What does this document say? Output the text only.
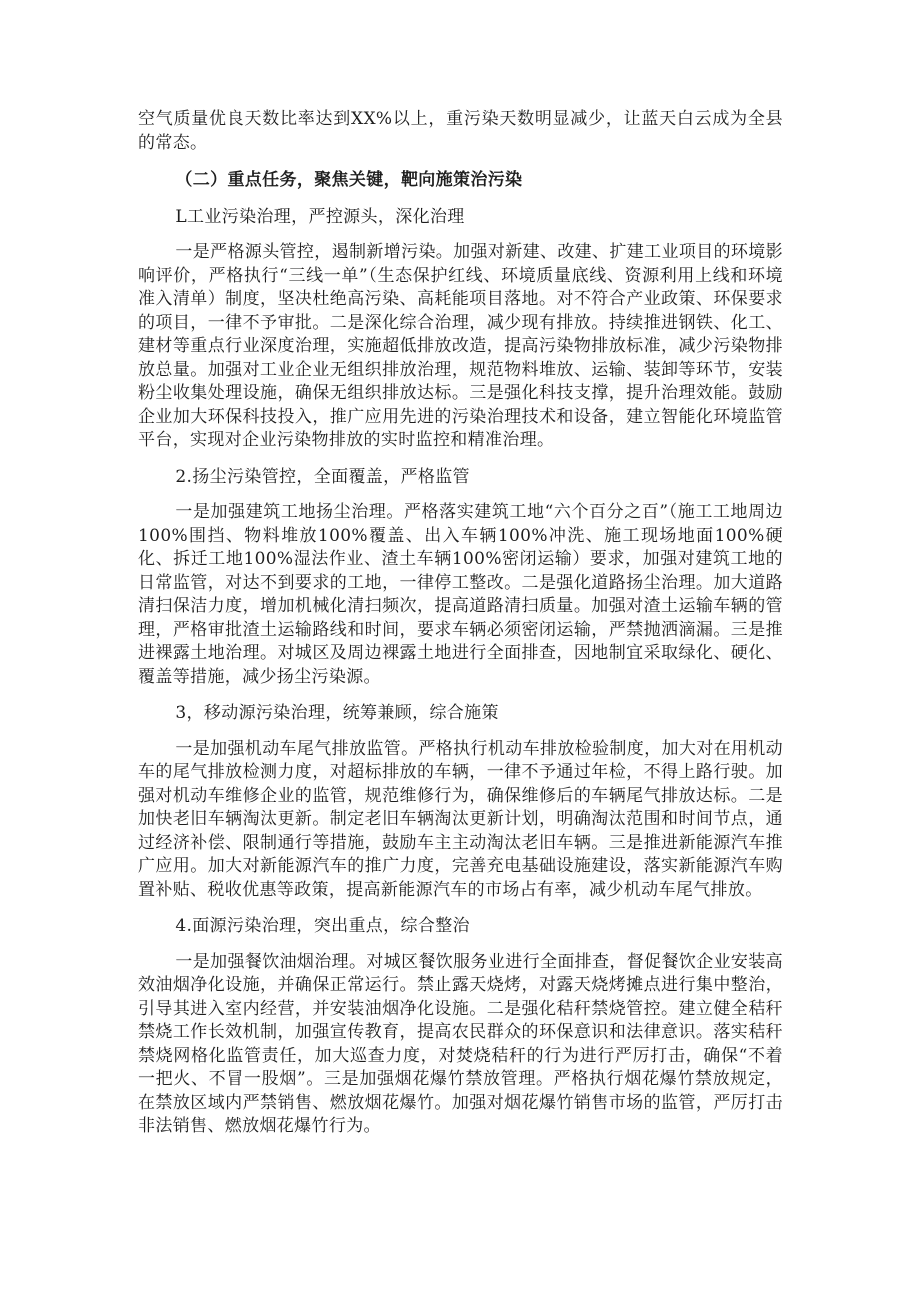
空气质量优良天数比率达到XX%以上，重污染天数明显减少，让蓝天白云成为全县的常态。

（二）重点任务，聚焦关键，靶向施策治污染

L工业污染治理，严控源头，深化治理

一是严格源头管控，遏制新增污染。加强对新建、改建、扩建工业项目的环境影响评价，严格执行“三线一单”（生态保护红线、环境质量底线、资源利用上线和环境准入清单）制度，坚决杜绝高污染、高耗能项目落地。对不符合产业政策、环保要求的项目，一律不予审批。二是深化综合治理，减少现有排放。持续推进钢铁、化工、建材等重点行业深度治理，实施超低排放改造，提高污染物排放标准，减少污染物排放总量。加强对工业企业无组织排放治理，规范物料堆放、运输、装卸等环节，安装粉尘收集处理设施，确保无组织排放达标。三是强化科技支撑，提升治理效能。鼓励企业加大环保科技投入，推广应用先进的污染治理技术和设备，建立智能化环境监管平台，实现对企业污染物排放的实时监控和精准治理。

2.扬尘污染管控，全面覆盖，严格监管

一是加强建筑工地扬尘治理。严格落实建筑工地“六个百分之百”（施工工地周边100%围挡、物料堆放100%覆盖、出入车辆100%冲洗、施工现场地面100%硬化、拆迁工地100%湿法作业、渣土车辆100%密闭运输）要求，加强对建筑工地的日常监管，对达不到要求的工地，一律停工整改。二是强化道路扬尘治理。加大道路清扫保洁力度，增加机械化清扫频次，提高道路清扫质量。加强对渣土运输车辆的管理，严格审批渣土运输路线和时间，要求车辆必须密闭运输，严禁抛洒滴漏。三是推进裸露土地治理。对城区及周边裸露土地进行全面排查，因地制宜采取绿化、硬化、覆盖等措施，减少扬尘污染源。

3，移动源污染治理，统筹兼顾，综合施策

一是加强机动车尾气排放监管。严格执行机动车排放检验制度，加大对在用机动车的尾气排放检测力度，对超标排放的车辆，一律不予通过年检，不得上路行驶。加强对机动车维修企业的监管，规范维修行为，确保维修后的车辆尾气排放达标。二是加快老旧车辆淘汰更新。制定老旧车辆淘汰更新计划，明确淘汰范围和时间节点，通过经济补偿、限制通行等措施，鼓励车主主动淘汰老旧车辆。三是推进新能源汽车推广应用。加大对新能源汽车的推广力度，完善充电基础设施建设，落实新能源汽车购置补贴、税收优惠等政策，提高新能源汽车的市场占有率，减少机动车尾气排放。

4.面源污染治理，突出重点，综合整治

一是加强餐饮油烟治理。对城区餐饮服务业进行全面排查，督促餐饮企业安装高效油烟净化设施，并确保正常运行。禁止露天烧烤，对露天烧烤摊点进行集中整治，引导其进入室内经营，并安装油烟净化设施。二是强化秸秆禁烧管控。建立健全秸秆禁烧工作长效机制，加强宣传教育，提高农民群众的环保意识和法律意识。落实秸秆禁烧网格化监管责任，加大巡查力度，对焚烧秸秆的行为进行严厉打击，确保“不着一把火、不冒一股烟”。三是加强烟花爆竹禁放管理。严格执行烟花爆竹禁放规定，在禁放区域内严禁销售、燃放烟花爆竹。加强对烟花爆竹销售市场的监管，严厉打击非法销售、燃放烟花爆竹行为。
